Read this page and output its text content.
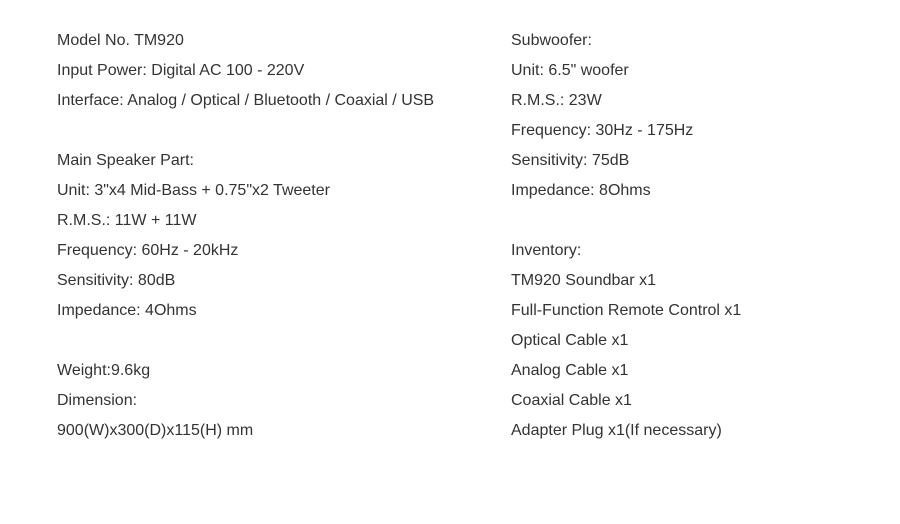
Model No. TM920
Input Power: Digital AC 100 - 220V
Interface: Analog / Optical / Bluetooth / Coaxial / USB
Main Speaker Part:
Unit: 3"x4 Mid-Bass + 0.75"x2 Tweeter
R.M.S.: 11W + 11W
Frequency: 60Hz - 20kHz
Sensitivity: 80dB
Impedance: 4Ohms
Weight:9.6kg
Dimension:
900(W)x300(D)x115(H) mm
Subwoofer:
Unit: 6.5" woofer
R.M.S.: 23W
Frequency: 30Hz - 175Hz
Sensitivity: 75dB
Impedance: 8Ohms
Inventory:
TM920 Soundbar x1
Full-Function Remote Control x1
Optical Cable x1
Analog Cable x1
Coaxial Cable x1
Adapter Plug x1(If necessary)
